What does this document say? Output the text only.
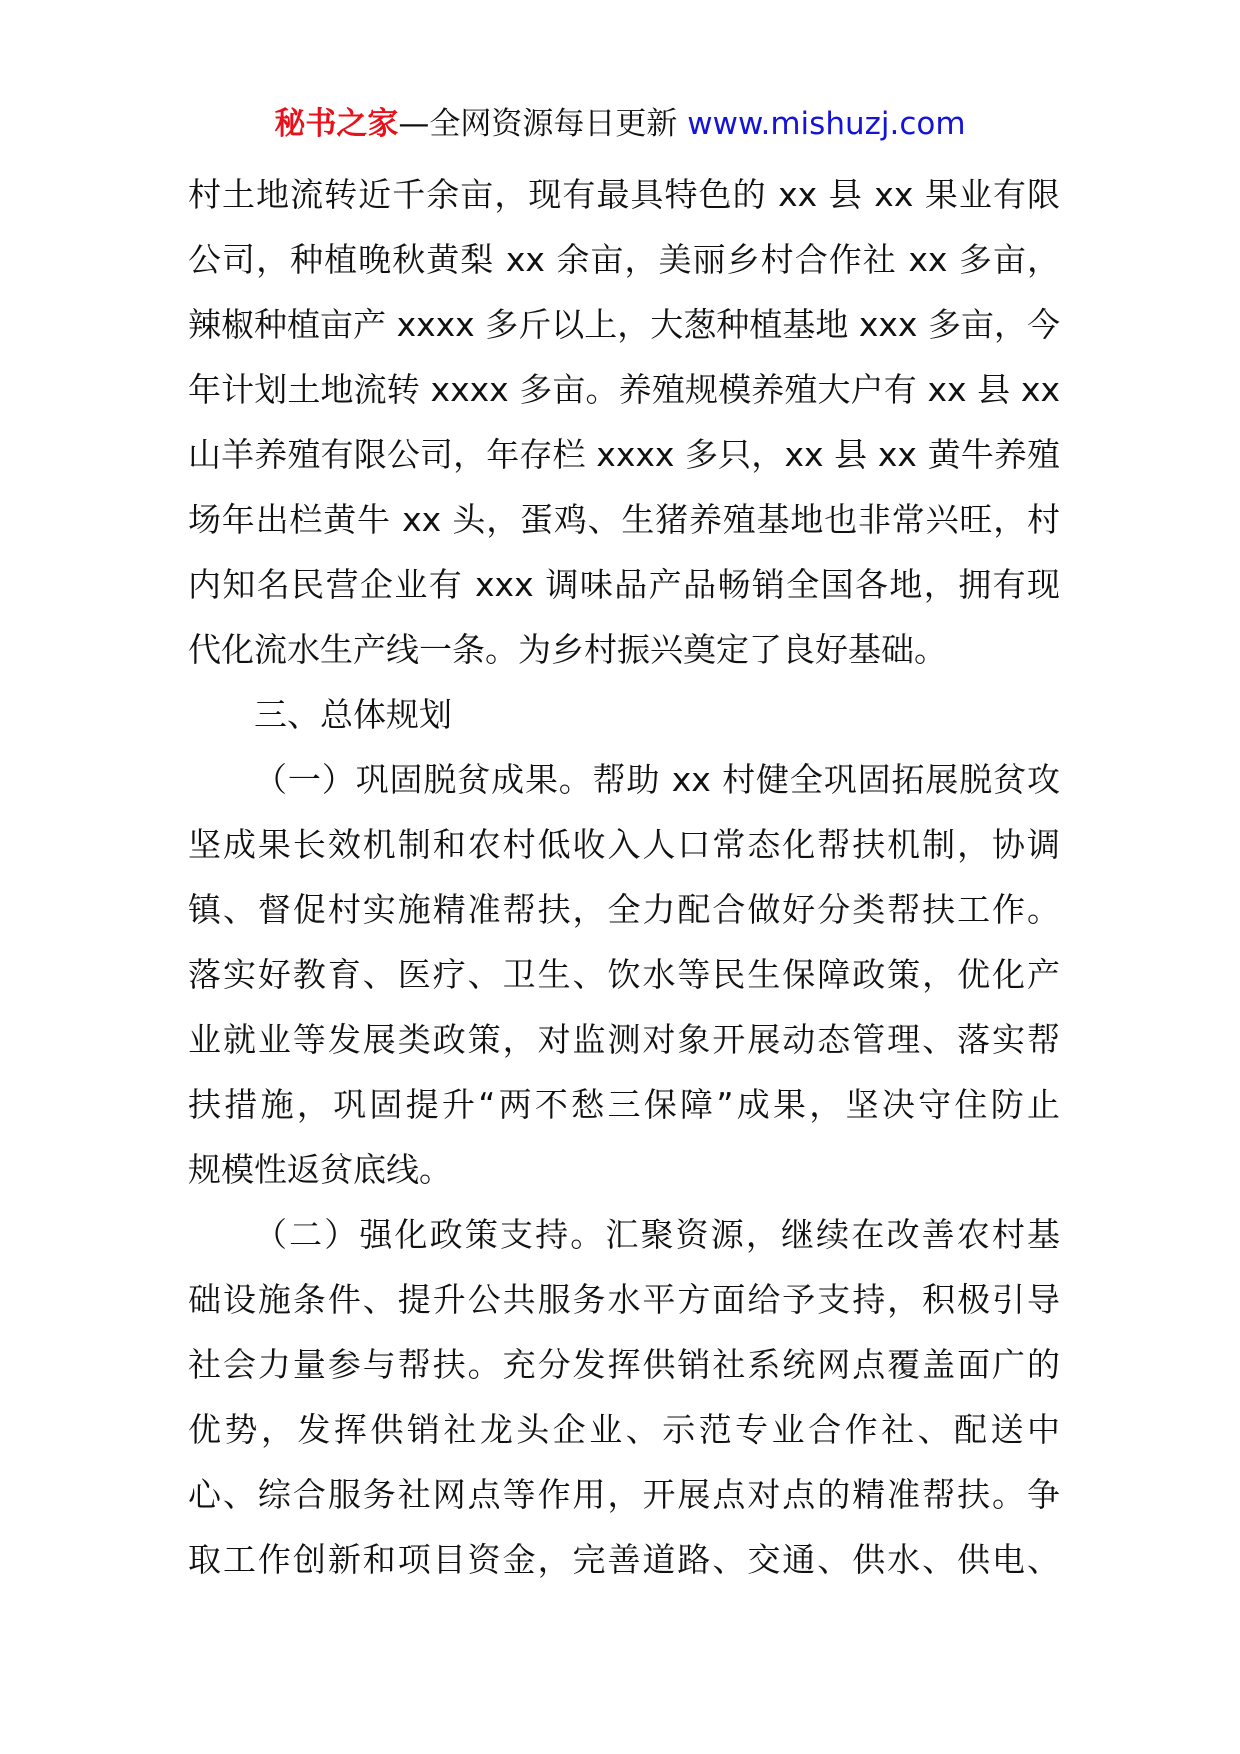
秘书之家—全网资源每日更新 www.mishuzj.com
村土地流转近千余亩，现有最具特色的 xx 县 xx 果业有限
公司，种植晚秋黄梨 xx 余亩，美丽乡村合作社 xx 多亩，
辣椒种植亩产 xxxx 多斤以上，大葱种植基地 xxx 多亩，今
年计划土地流转 xxxx 多亩。养殖规模养殖大户有 xx 县 xx
山羊养殖有限公司，年存栏 xxxx 多只，xx 县 xx 黄牛养殖
场年出栏黄牛 xx 头，蛋鸡、生猪养殖基地也非常兴旺，村
内知名民营企业有 xxx 调味品产品畅销全国各地，拥有现
代化流水生产线一条。为乡村振兴奠定了良好基础。
三、总体规划
（一）巩固脱贫成果。帮助 xx 村健全巩固拓展脱贫攻
坚成果长效机制和农村低收入人口常态化帮扶机制，协调
镇、督促村实施精准帮扶，全力配合做好分类帮扶工作。
落实好教育、医疗、卫生、饮水等民生保障政策，优化产
业就业等发展类政策，对监测对象开展动态管理、落实帮
扶措施，巩固提升“两不愁三保障”成果，坚决守住防止
规模性返贫底线。
（二）强化政策支持。汇聚资源，继续在改善农村基
础设施条件、提升公共服务水平方面给予支持，积极引导
社会力量参与帮扶。充分发挥供销社系统网点覆盖面广的
优势，发挥供销社龙头企业、示范专业合作社、配送中
心、综合服务社网点等作用，开展点对点的精准帮扶。争
取工作创新和项目资金，完善道路、交通、供水、供电、
